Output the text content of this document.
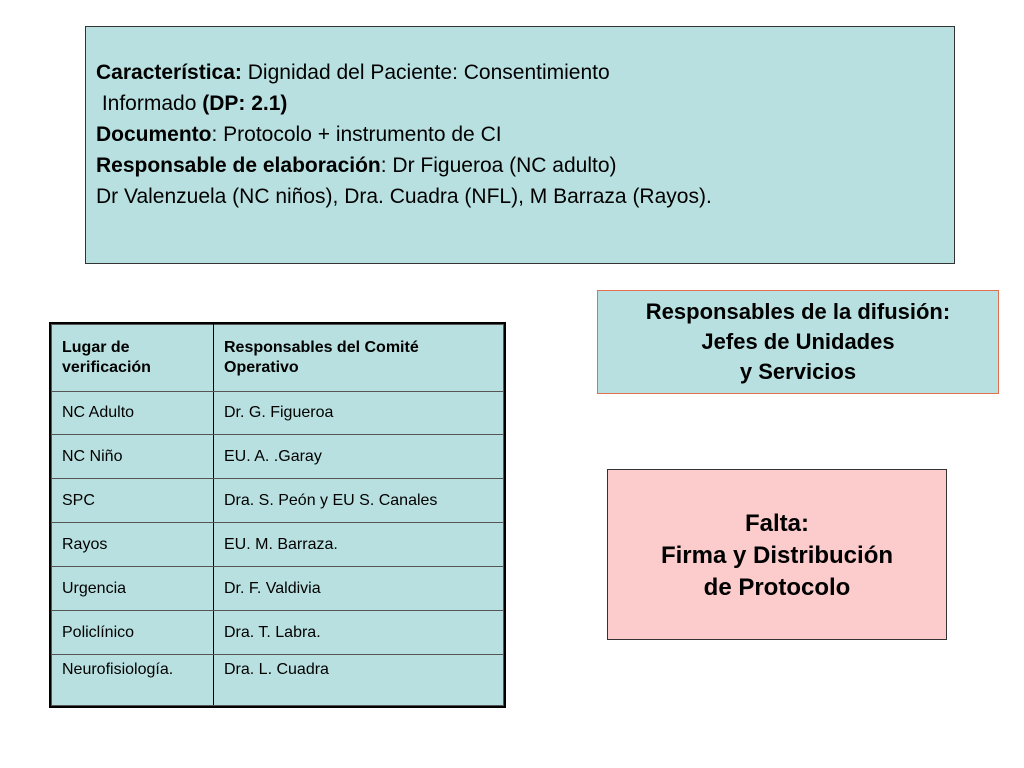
Característica: Dignidad del Paciente: Consentimiento

Informado (DP: 2.1)

Documento: Protocolo + instrumento de CI

Responsable de elaboración: Dr Figueroa (NC adulto)

Dr Valenzuela (NC niños), Dra. Cuadra (NFL), M Barraza (Rayos).

Lugar de verificación	Responsables del Comité Operativo
NC Adulto	Dr. G. Figueroa
NC Niño	EU. A. .Garay
SPC	Dra. S. Peón y EU S. Canales
Rayos	EU. M. Barraza.
Urgencia	Dr. F. Valdivia
Policlínico	Dra. T. Labra.
Neurofisiología.	Dra. L. Cuadra
Responsables de la difusión:
Jefes de Unidades
y Servicios
Falta:
Firma y Distribución
de Protocolo
